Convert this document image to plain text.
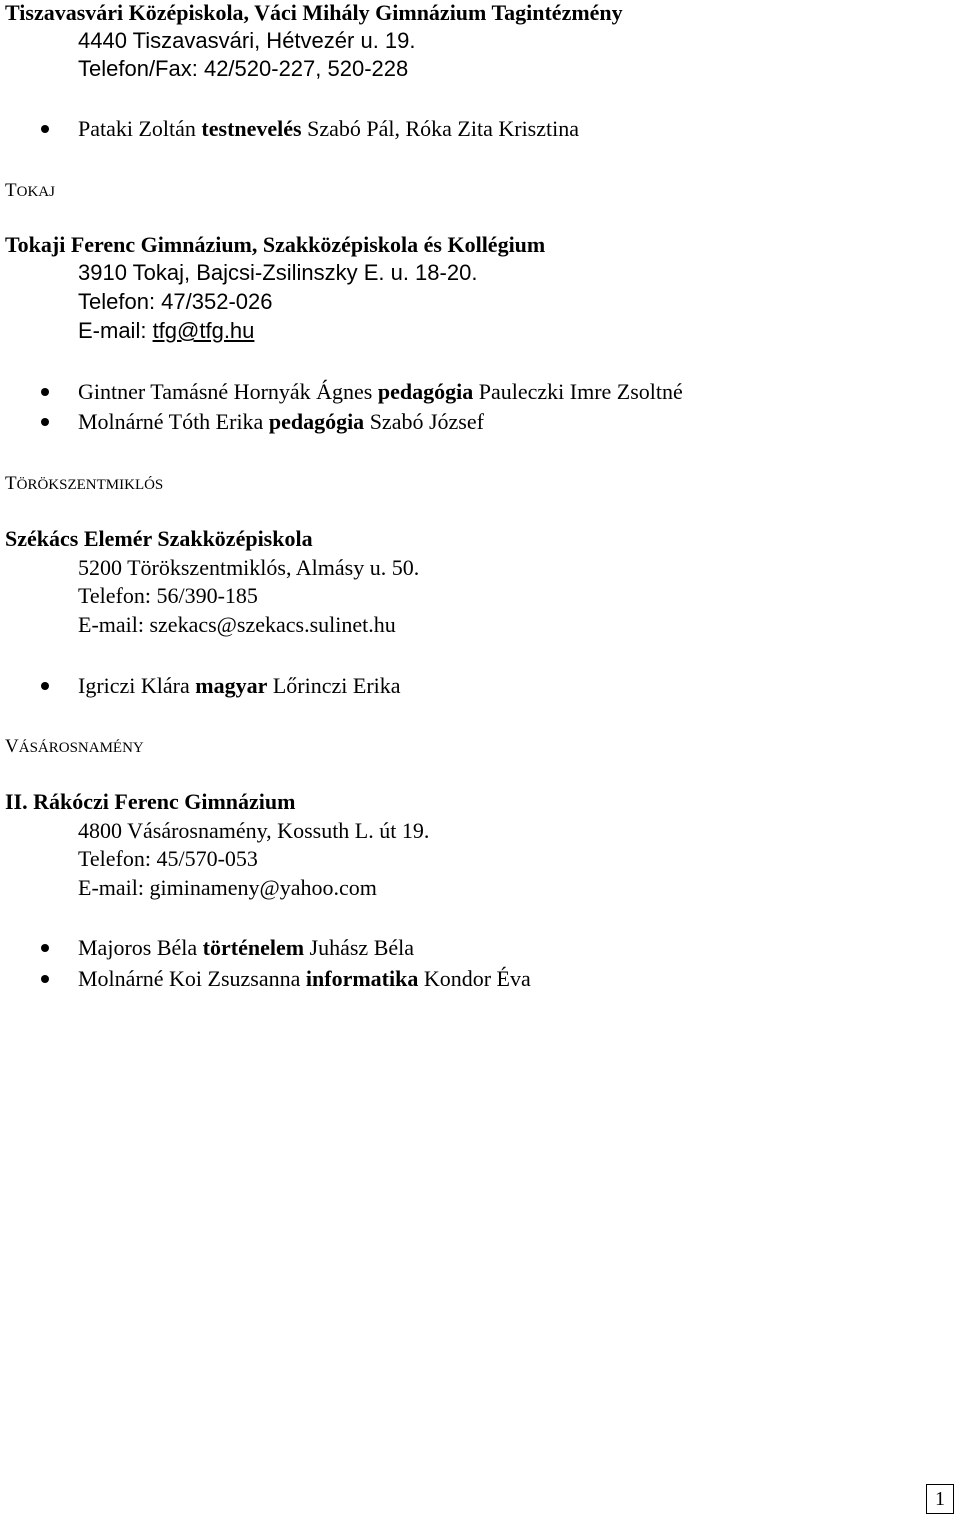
Tiszavasvári Középiskola, Váci Mihály Gimnázium Tagintézmény
4440 Tiszavasvári, Hétvezér u. 19.
Telefon/Fax: 42/520-227, 520-228
Pataki Zoltán testnevelés Szabó Pál, Róka Zita Krisztina
TOKAJ
Tokaji Ferenc Gimnázium, Szakközépiskola és Kollégium
3910 Tokaj, Bajcsi-Zsilinszky E. u. 18-20.
Telefon: 47/352-026
E-mail: tfg@tfg.hu
Gintner Tamásné Hornyák Ágnes pedagógia Pauleczki Imre Zsoltné
Molnárné Tóth Erika pedagógia Szabó József
TÖRÖKSZENTMIKLÓS
Székács Elemér Szakközépiskola
5200 Törökszentmiklós, Almásy u. 50.
Telefon: 56/390-185
E-mail: szekacs@szekacs.sulinet.hu
Igriczi Klára magyar Lőrinczi Erika
VÁSÁROSNAMÉNY
II. Rákóczi Ferenc Gimnázium
4800 Vásárosnamény, Kossuth L. út 19.
Telefon: 45/570-053
E-mail: giminameny@yahoo.com
Majoros Béla történelem Juhász Béla
Molnárné Koi Zsuzsanna informatika Kondor Éva
1
